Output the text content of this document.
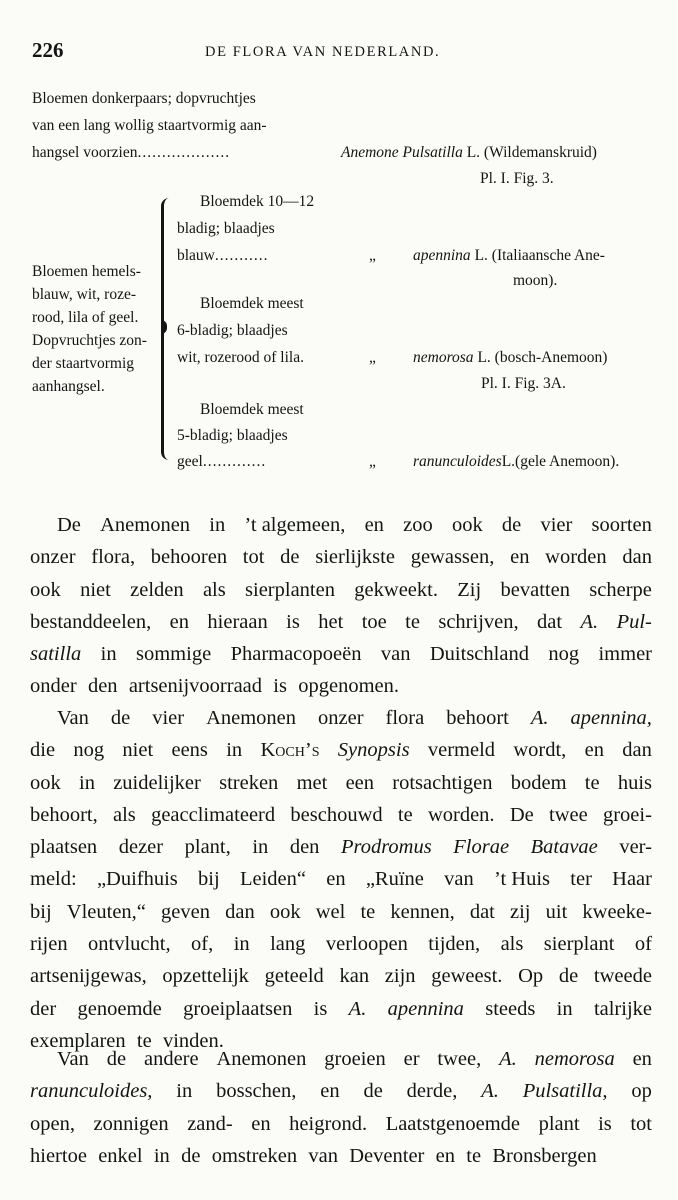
226	DE FLORA VAN NEDERLAND.
Bloemen donkerpaars; dopvruchtjes
van een lang wollig staartvormig aan-
hangsel voorzien...................	Anemone Pulsatilla L. (Wildemanskruid)
Pl. I. Fig. 3.
Bloemen hemels-
blauw, wit, roze-
rood, lila of geel.
Dopvruchtjes zon-
der staartvormig
aanhangsel.
Bloemdek 10—12
bladig; blaadjes
blauw...........	„ apennina L. (Italiaansche Ane-
moon).
Bloemdek meest
6-bladig; blaadjes
wit, rozerood of lila.	„ nemorosa L. (bosch-Anemoon)
Pl. I. Fig. 3A.
Bloemdek meest
5-bladig; blaadjes
geel.............	„ ranunculoidesL.(gele Anemoon).
De Anemonen in ’t algemeen, en zoo ook de vier soorten
onzer flora, behooren tot de sierlijkste gewassen, en worden dan
ook niet zelden als sierplanten gekweekt. Zij bevatten scherpe
bestanddeelen, en hieraan is het toe te schrijven, dat A. Pul-
satilla in sommige Pharmacopoeën van Duitschland nog immer
onder den artsenijvoorraad is opgenomen.
Van de vier Anemonen onzer flora behoort A. apennina,
die nog niet eens in Koch’s Synopsis vermeld wordt, en dan
ook in zuidelijker streken met een rotsachtigen bodem te huis
behoort, als geacclimateerd beschouwd te worden. De twee groei-
plaatsen dezer plant, in den Prodromus Florae Batavae ver-
meld: „Duifhuis bij Leiden“ en „Ruïne van ’t Huis ter Haar
bij Vleuten,“ geven dan ook wel te kennen, dat zij uit kweeke-
rijen ontvlucht, of, in lang verloopen tijden, als sierplant of
artsenijgewas, opzettelijk geteeld kan zijn geweest. Op de tweede
der genoemde groeiplaatsen is A. apennina steeds in talrijke
exemplaren te vinden.
Van de andere Anemonen groeien er twee, A. nemorosa en
ranunculoides, in bosschen, en de derde, A. Pulsatilla, op
open, zonnigen zand- en heigrond. Laatstgenoemde plant is tot
hiertoe enkel in de omstreken van Deventer en te Bronsbergen
